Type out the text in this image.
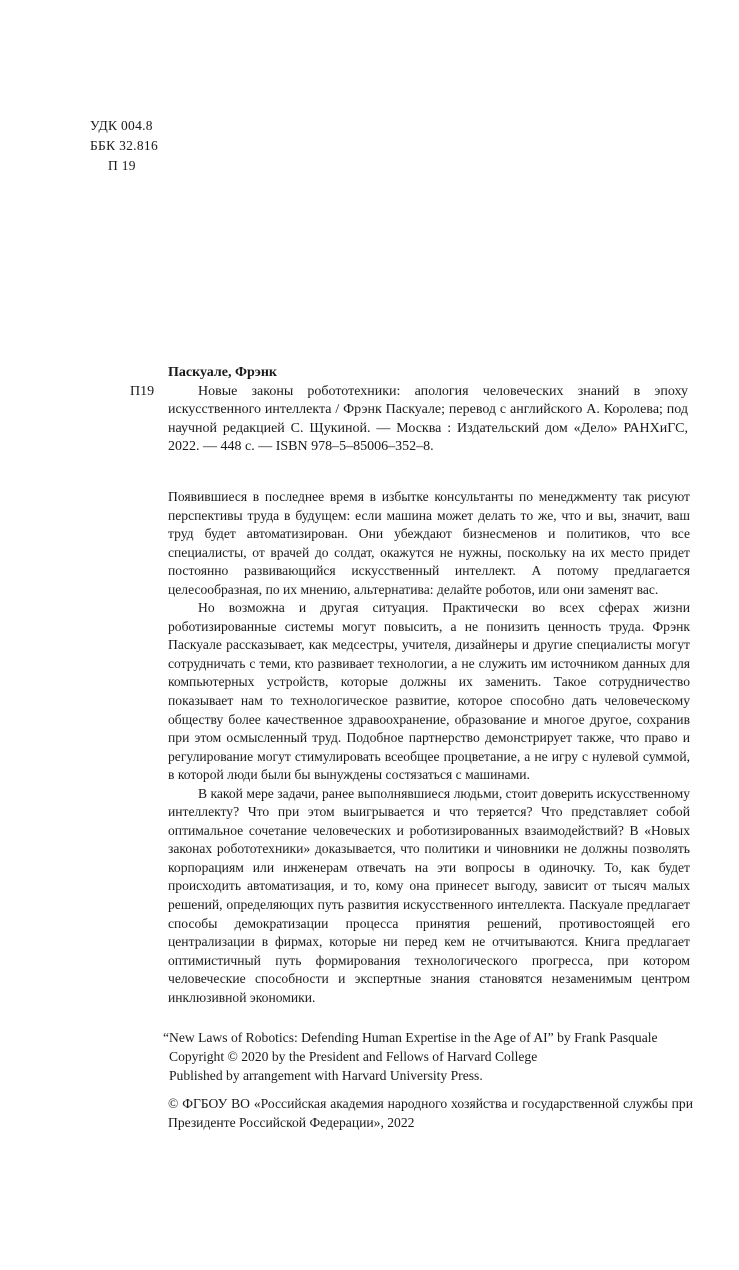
УДК 004.8
ББК 32.816
П 19
Паскуале, Фрэнк
П19	Новые законы робототехники: апология человеческих знаний в эпоху искусственного интеллекта / Фрэнк Паскуале; перевод с английского А. Королева; под научной редакцией С. Щукиной. — Москва : Издательский дом «Дело» РАНХиГС, 2022. — 448 с. — ISBN 978–5–85006–352–8.

Появившиеся в последнее время в избытке консультанты по менеджменту так рисуют перспективы труда в будущем: если машина может делать то же, что и вы, значит, ваш труд будет автоматизирован. Они убеждают бизнесменов и политиков, что все специалисты, от врачей до солдат, окажутся не нужны, поскольку на их место придет постоянно развивающийся искусственный интеллект. А потому предлагается целесообразная, по их мнению, альтернатива: делайте роботов, или они заменят вас.

Но возможна и другая ситуация. Практически во всех сферах жизни роботизированные системы могут повысить, а не понизить ценность труда. Фрэнк Паскуале рассказывает, как медсестры, учителя, дизайнеры и другие специалисты могут сотрудничать с теми, кто развивает технологии, а не служить им источником данных для компьютерных устройств, которые должны их заменить. Такое сотрудничество показывает нам то технологическое развитие, которое способно дать человеческому обществу более качественное здравоохранение, образование и многое другое, сохранив при этом осмысленный труд. Подобное партнерство демонстрирует также, что право и регулирование могут стимулировать всеобщее процветание, а не игру с нулевой суммой, в которой люди были бы вынуждены состязаться с машинами.

В какой мере задачи, ранее выполнявшиеся людьми, стоит доверить искусственному интеллекту? Что при этом выигрывается и что теряется? Что представляет собой оптимальное сочетание человеческих и роботизированных взаимодействий? В «Новых законах робототехники» доказывается, что политики и чиновники не должны позволять корпорациям или инженерам отвечать на эти вопросы в одиночку. То, как будет происходить автоматизация, и то, кому она принесет выгоду, зависит от тысяч малых решений, определяющих путь развития искусственного интеллекта. Паскуале предлагает способы демократизации процесса принятия решений, противостоящей его централизации в фирмах, которые ни перед кем не отчитываются. Книга предлагает оптимистичный путь формирования технологического прогресса, при котором человеческие способности и экспертные знания становятся незаменимым центром инклюзивной экономики.

“New Laws of Robotics: Defending Human Expertise in the Age of AI” by Frank Pasquale
Copyright © 2020 by the President and Fellows of Harvard College
Published by arrangement with Harvard University Press.
© ФГБОУ ВО «Российская академия народного хозяйства и государственной службы при Президенте Российской Федерации», 2022
